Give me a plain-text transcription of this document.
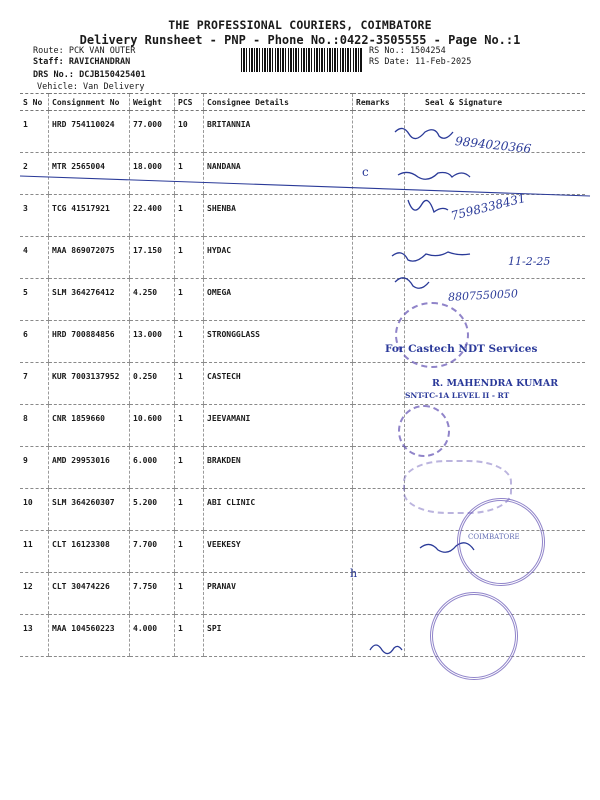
THE PROFESSIONAL COURIERS, COIMBATORE
Delivery Runsheet - PNP - Phone No.:0422-3505555 - Page No.:1
Route: PCK VAN OUTER
Staff: RAVICHANDRAN
DRS No.: DCJB150425401
Vehicle: Van Delivery
RS No.: 1504254
RS Date: 11-Feb-2025
S No	Consignment No	Weight	PCS	Consignee Details	Remarks	Seal & Signature
1	HRD 754110024	77.000	10	BRITANNIA		
2	MTR 2565004	18.000	1	NANDANA		
3	TCG 41517921	22.400	1	SHENBA		
4	MAA 869072075	17.150	1	HYDAC		
5	SLM 364276412	4.250	1	OMEGA		
6	HRD 700884856	13.000	1	STRONGGLASS		
7	KUR 7003137952	0.250	1	CASTECH		
8	CNR 1859660	10.600	1	JEEVAMANI		
9	AMD 29953016	6.000	1	BRAKDEN		
10	SLM 364260307	5.200	1	ABI CLINIC		
11	CLT 16123308	7.700	1	VEEKESY		
12	CLT 30474226	7.750	1	PRANAV		
13	MAA 104560223	4.000	1	SPI		
c
h
9894020366
7598338431
11-2-25
8807550050
For Castech NDT Services
R. MAHENDRA KUMAR
SNT-TC-1A LEVEL II - RT
COIMBATORE
